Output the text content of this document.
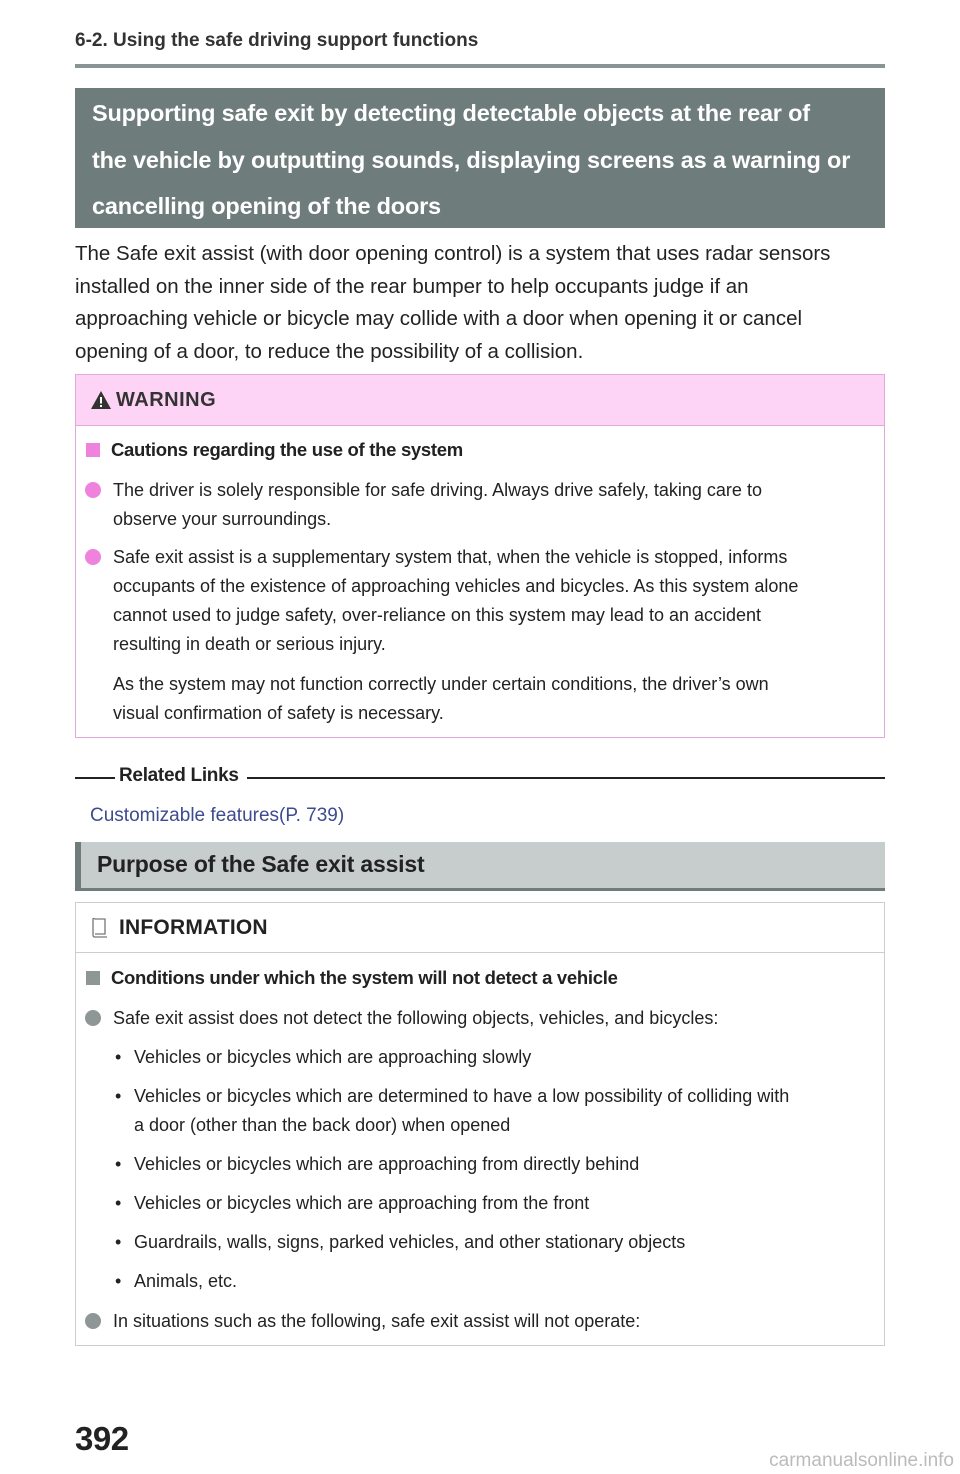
6-2. Using the safe driving support functions
Supporting safe exit by detecting detectable objects at the rear of
the vehicle by outputting sounds, displaying screens as a warning or
cancelling opening of the doors
The Safe exit assist (with door opening control) is a system that uses radar sensors
installed on the inner side of the rear bumper to help occupants judge if an
approaching vehicle or bicycle may collide with a door when opening it or cancel
opening of a door, to reduce the possibility of a collision.
WARNING
Cautions regarding the use of the system
The driver is solely responsible for safe driving. Always drive safely, taking care to
observe your surroundings.
Safe exit assist is a supplementary system that, when the vehicle is stopped, informs
occupants of the existence of approaching vehicles and bicycles. As this system alone
cannot used to judge safety, over-reliance on this system may lead to an accident
resulting in death or serious injury.
As the system may not function correctly under certain conditions, the driver’s own
visual confirmation of safety is necessary.
Related Links
Customizable features(P. 739)
Purpose of the Safe exit assist
INFORMATION
Conditions under which the system will not detect a vehicle
Safe exit assist does not detect the following objects, vehicles, and bicycles:
• Vehicles or bicycles which are approaching slowly
• Vehicles or bicycles which are determined to have a low possibility of colliding with
a door (other than the back door) when opened
• Vehicles or bicycles which are approaching from directly behind
• Vehicles or bicycles which are approaching from the front
• Guardrails, walls, signs, parked vehicles, and other stationary objects
• Animals, etc.
In situations such as the following, safe exit assist will not operate:
392
carmanualsonline.info
